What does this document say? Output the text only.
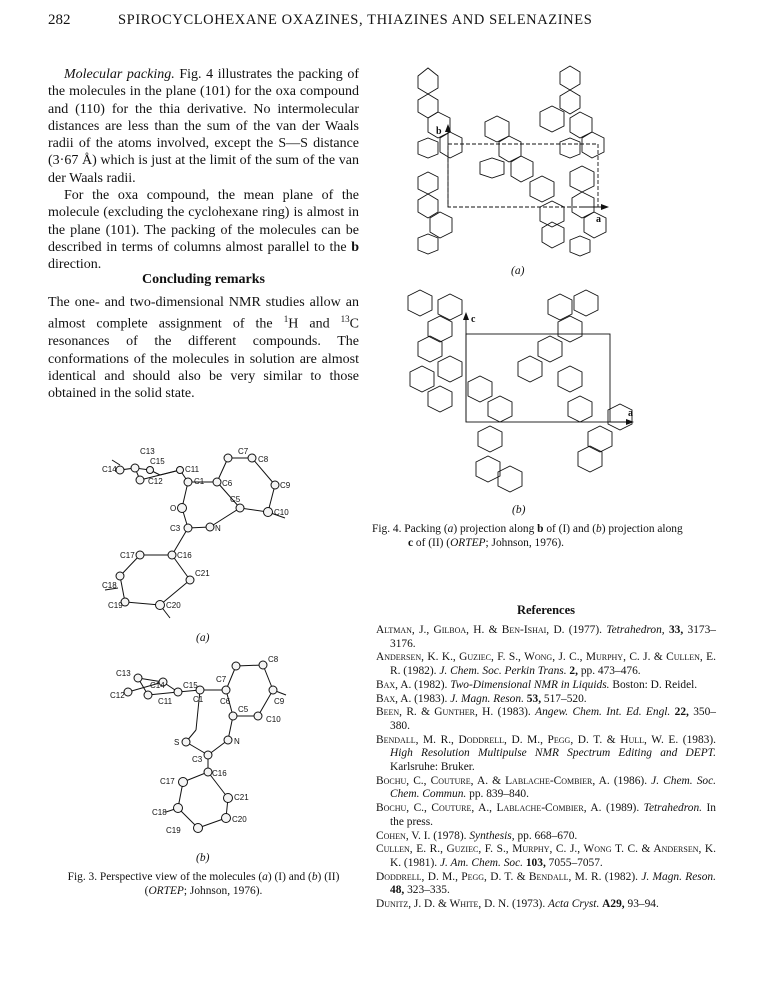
282	SPIROCYCLOHEXANE OXAZINES, THIAZINES AND SELENAZINES

Molecular packing. Fig. 4 illustrates the packing of the molecules in the plane (101) for the oxa compound and (110) for the thia derivative. No intermolecular distances are less than the sum of the van der Waals radii of the atoms involved, except the S—S distance (3·67 Å) which is just at the limit of the sum of the van der Waals radii.

For the oxa compound, the mean plane of the molecule (excluding the cyclohexane ring) is almost in the plane (101). The packing of the molecules can be described in terms of columns almost parallel to the b direction.

Concluding remarks

The one- and two-dimensional NMR studies allow an almost complete assignment of the $^1$H and $^{13}$C resonances of the different compounds. The conformations of the molecules in solution are almost identical and should also be very similar to those obtained in the solid state.

C13
C15
C14
C12
C11
C1
C7
C8
C6	C9
C5
O	C10
C3	N
C17	C16
C21
C18
C19	C20
(a)
C13
C14 C15
C12
C11	C1
C7
C8
C6	C9
C5
C10
S	N
C3
C16
C17
C21
C18
C20
C19
(b)
Fig. 3. Perspective view of the molecules (a) (I) and (b) (II)
(ORTEP; Johnson, 1976).
b
a
(a)
c
a
(b)
Fig. 4. Packing (a) projection along b of (I) and (b) projection along
c of (II) (ORTEP; Johnson, 1976).
References

Altman, J., Gilboa, H. & Ben-Ishai, D. (1977). Tetrahedron, 33, 3173–3176.

Andersen, K. K., Guziec, F. S., Wong, J. C., Murphy, C. J. & Cullen, E. R. (1982). J. Chem. Soc. Perkin Trans. 2, pp. 473–476.

Bax, A. (1982). Two-Dimensional NMR in Liquids. Boston: D. Reidel.

Bax, A. (1983). J. Magn. Reson. 53, 517–520.

Been, R. & Gunther, H. (1983). Angew. Chem. Int. Ed. Engl. 22, 350–380.

Bendall, M. R., Doddrell, D. M., Pegg, D. T. & Hull, W. E. (1983). High Resolution Multipulse NMR Spectrum Editing and DEPT. Karlsruhe: Bruker.

Bochu, C., Couture, A. & Lablache-Combier, A. (1986). J. Chem. Soc. Chem. Commun. pp. 839–840.

Bochu, C., Couture, A., Lablache-Combier, A. (1989). Tetrahedron. In the press.

Cohen, V. I. (1978). Synthesis, pp. 668–670.

Cullen, E. R., Guziec, F. S., Murphy, C. J., Wong T. C. & Andersen, K. K. (1981). J. Am. Chem. Soc. 103, 7055–7057.

Doddrell, D. M., Pegg, D. T. & Bendall, M. R. (1982). J. Magn. Reson. 48, 323–335.

Dunitz, J. D. & White, D. N. (1973). Acta Cryst. A29, 93–94.
